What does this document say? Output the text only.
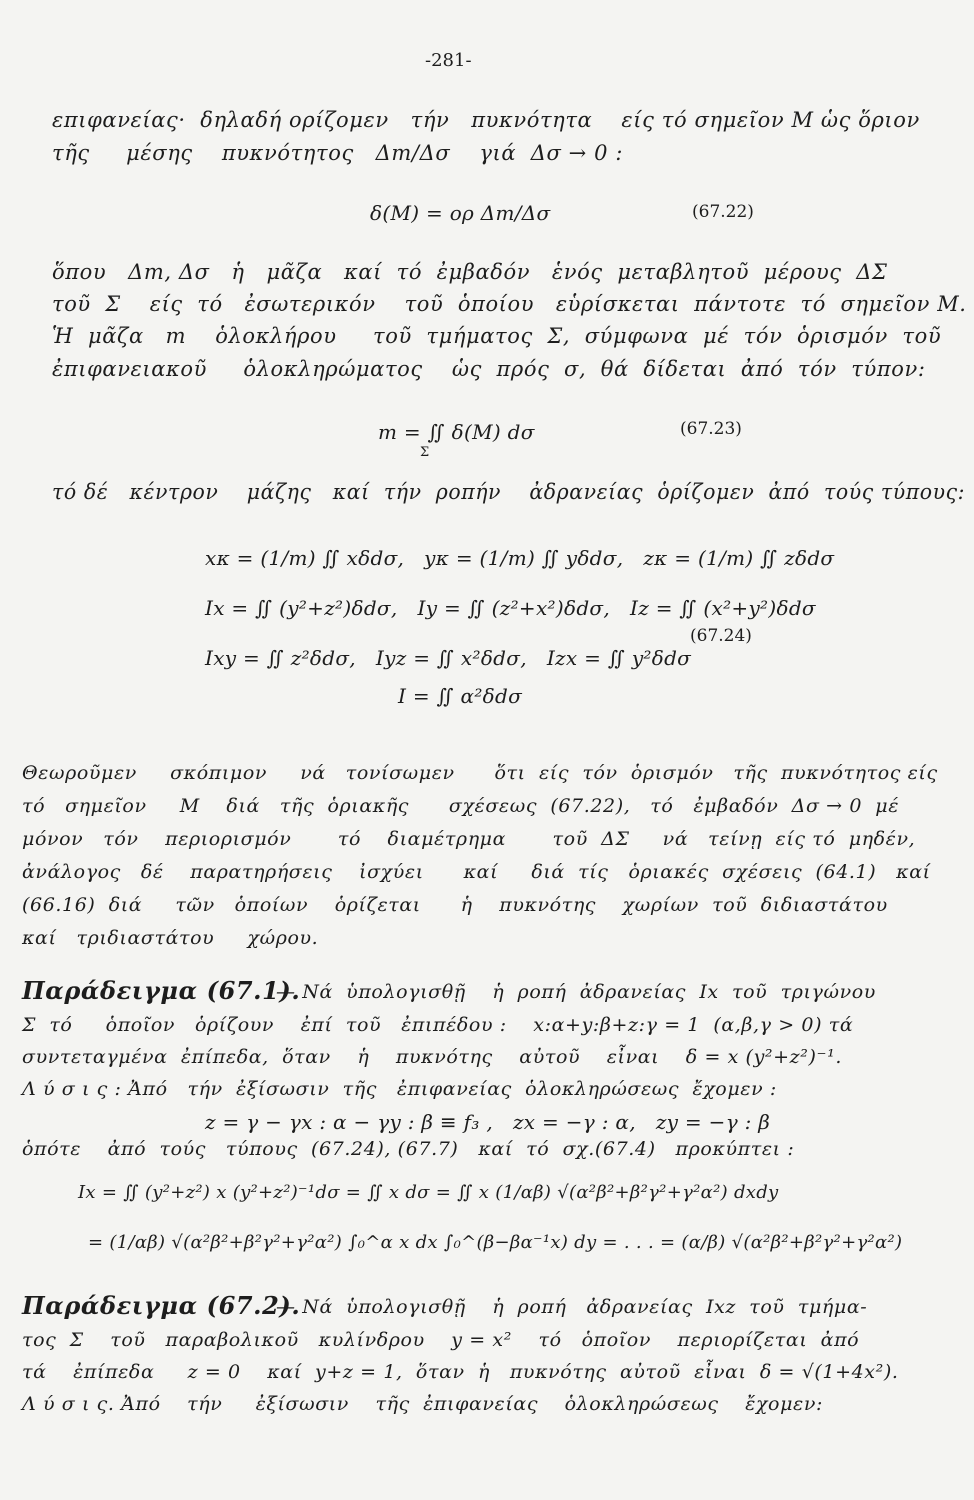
-281-
επιφανείας·  δηλαδή ορίζομεν   τήν   πυκνότητα    είς τό σημεῖον Μ ὡς ὅριον
τῆς     μέσης    πυκνότητος   Δm/Δσ    γιά  Δσ → 0 :
δ(M) = ορ Δm/Δσ	(67.22)
ὅπου   Δm, Δσ   ἡ   μᾶζα   καί  τό  ἐμβαδόν   ἑνός  μεταβλητοῦ  μέρους  ΔΣ
τοῦ  Σ    είς  τό   ἐσωτερικόν    τοῦ  ὁποίου   εὑρίσκεται  πάντοτε  τό  σημεῖον Μ.
Ἡ  μᾶζα   m    ὁλοκλήρου     τοῦ  τμήματος  Σ,  σύμφωνα  μέ  τόν  ὁρισμόν  τοῦ
ἐπιφανειακοῦ     ὁλοκληρώματος    ὡς  πρός  σ,  θά  δίδεται  ἀπό  τόν  τύπον:
m = ∬ δ(M) dσ
Σ
(67.23)
τό δέ   κέντρον    μάζης   καί  τήν  ροπήν    ἀδρανείας  ὁρίζομεν  ἀπό  τούς τύπους:
xκ = (1/m) ∬ xδdσ,   yκ = (1/m) ∬ yδdσ,   zκ = (1/m) ∬ zδdσ
Ix = ∬ (y²+z²)δdσ,   Iy = ∬ (z²+x²)δdσ,   Iz = ∬ (x²+y²)δdσ
Ixy = ∬ z²δdσ,   Iyz = ∬ x²δdσ,   Izx = ∬ y²δdσ
I = ∬ α²δdσ
(67.24)
Θεωροῦμεν     σκόπιμον     νά   τονίσωμεν      ὅτι  είς  τόν  ὁρισμόν   τῆς  πυκνότητος είς
τό   σημεῖον     Μ    διά   τῆς  ὁριακῆς      σχέσεως  (67.22),   τό   ἐμβαδόν  Δσ → 0  μέ
μόνον   τόν    περιορισμόν       τό    διαμέτρημα       τοῦ  ΔΣ     νά   τείνῃ  είς τό  μηδέν,
ἀνάλογος   δέ    παρατηρήσεις    ἰσχύει      καί     διά  τίς   ὁριακές  σχέσεις  (64.1)   καί
(66.16)  διά     τῶν   ὁποίων    ὁρίζεται      ἡ    πυκνότης    χωρίων  τοῦ  διδιαστάτου
καί   τριδιαστάτου     χώρου.
Παράδειγμα (67.1).
— Νά  ὑπολογισθῇ    ἡ  ροπή  ἀδρανείας  Ix  τοῦ  τριγώνου
Σ  τό     ὁποῖον   ὁρίζουν    ἐπί  τοῦ   ἐπιπέδου :    x:α+y:β+z:γ = 1  (α,β,γ > 0) τά
συντεταγμένα  ἐπίπεδα,  ὅταν    ἡ    πυκνότης    αὐτοῦ    εἶναι    δ = x (y²+z²)⁻¹.
Λ ύ σ ι ς : Ἀπό   τήν  ἐξίσωσιν  τῆς   ἐπιφανείας  ὁλοκληρώσεως  ἔχομεν :
z = γ − γx : α − γy : β ≡ f₃ ,   zx = −γ : α,   zy = −γ : β
ὁπότε    ἀπό  τούς   τύπους  (67.24), (67.7)   καί  τό  σχ.(67.4)   προκύπτει :
Ix = ∬ (y²+z²) x (y²+z²)⁻¹dσ = ∬ x dσ = ∬ x (1/αβ) √(α²β²+β²γ²+γ²α²) dxdy
= (1/αβ) √(α²β²+β²γ²+γ²α²) ∫₀^α x dx ∫₀^(β−βα⁻¹x) dy = . . . = (α/β) √(α²β²+β²γ²+γ²α²)
Παράδειγμα (67.2).
— Νά  ὑπολογισθῇ    ἡ  ροπή   ἀδρανείας  Ixz  τοῦ  τμήμα-
τος  Σ    τοῦ   παραβολικοῦ   κυλίνδρου    y = x²    τό   ὁποῖον    περιορίζεται  ἀπό
τά    ἐπίπεδα     z = 0    καί  y+z = 1,  ὅταν  ἡ   πυκνότης  αὐτοῦ  εἶναι  δ = √(1+4x²).
Λ ύ σ ι ς. Ἀπό    τήν     ἐξίσωσιν    τῆς  ἐπιφανείας    ὁλοκληρώσεως    ἔχομεν:
